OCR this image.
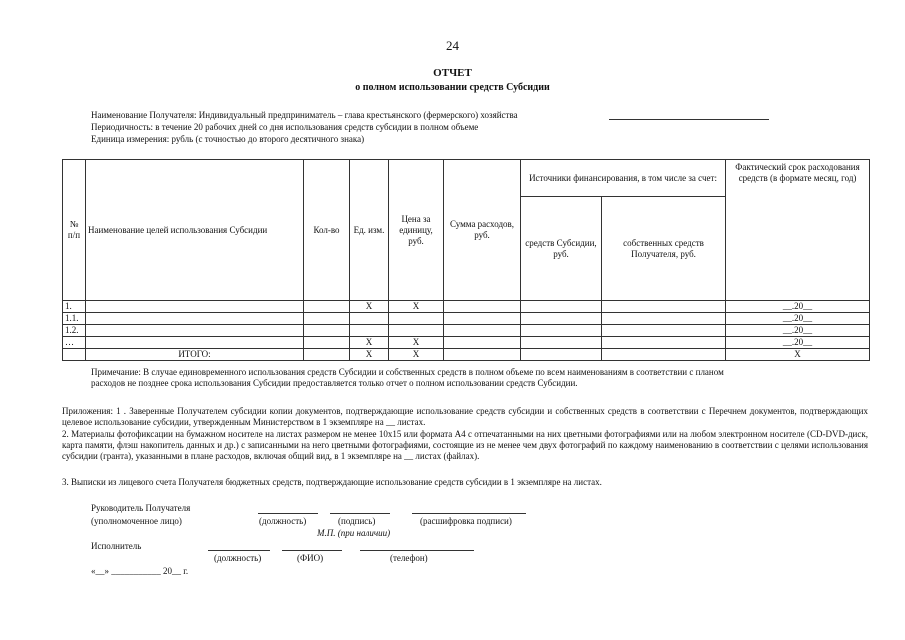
24
ОТЧЕТ
о полном использовании средств Субсидии
Наименование Получателя: Индивидуальный предприниматель – глава крестьянского (фермерского) хозяйства
Периодичность: в течение 20 рабочих дней со дня использования средств субсидии в полном объеме
Единица измерения: рубль (с точностью до второго десятичного знака)
№ п/п	Наименование целей использования Субсидии	Кол-во	Ед. изм.	Цена за единицу, руб.	Сумма расходов, руб.	Источники финансирования, в том числе за счет:		Фактический срок расходования средств (в формате месяц, год)
						средств Субсидии, руб.	собственных средств Получателя, руб.	
1.			X	X				__.20__
1.1.								__.20__
1.2.								__.20__
…			X	X				__.20__
	ИТОГО:		X	X				X
Примечание: В случае единовременного использования средств Субсидии и собственных средств в полном объеме по всем наименованиям в соответствии с планом
расходов не позднее срока использования Субсидии предоставляется только отчет о полном использовании средств Субсидии.
Приложения: 1 . Заверенные Получателем субсидии копии документов, подтверждающие использование средств субсидии и собственных средств в соответствии с Перечнем документов, подтверждающих целевое использование субсидии, утвержденным Министерством в 1 экземпляре на __ листах.
2. Материалы фотофиксации на бумажном носителе на листах размером не менее 10х15 или формата А4 с отпечатанными на них цветными фотографиями или на любом электронном носителе (CD-DVD-диск, карта памяти, флэш накопитель данных и др.) с записанными на него цветными фотографиями, состоящие из не менее чем двух фотографий по каждому наименованию в соответствии с целями использования субсидии (гранта), указанными в плане расходов, включая общий вид, в 1 экземпляре на __ листах (файлах).
3. Выписки из лицевого счета Получателя бюджетных средств, подтверждающие использование средств субсидии в 1 экземпляре на листах.
Руководитель Получателя
(уполномоченное лицо)	(должность)	(подпись)	(расшифровка подписи)
М.П. (при наличии)
Исполнитель
(должность)	(ФИО)	(телефон)
«__» ___________ 20__ г.
